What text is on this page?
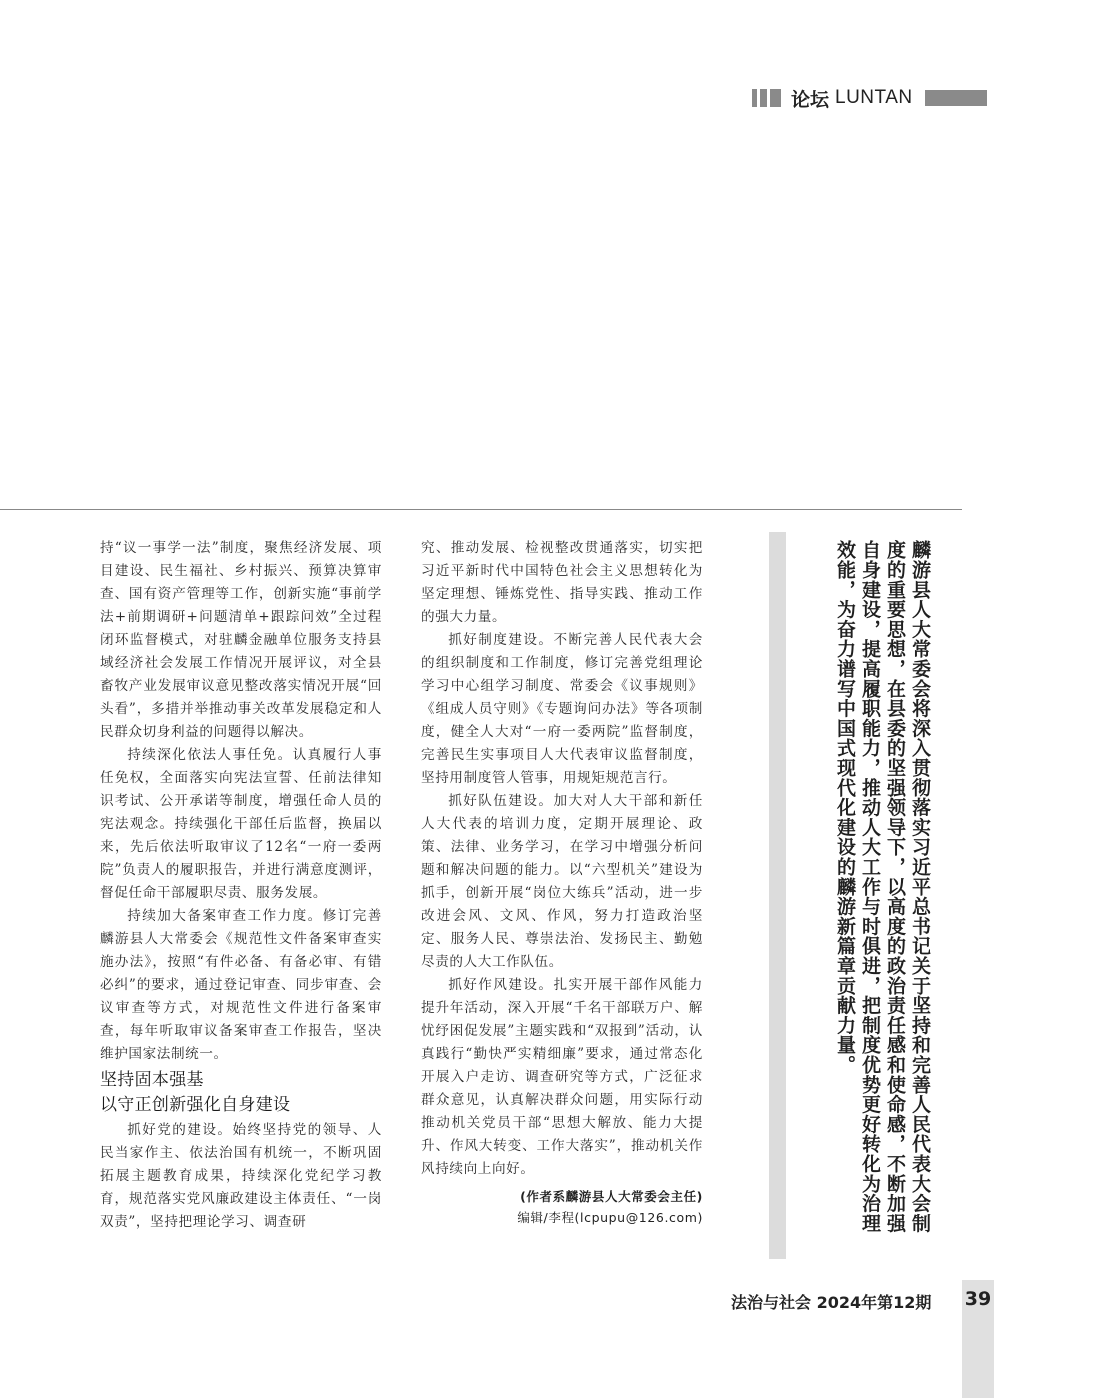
论坛 LUNTAN

持“议一事学一法”制度，聚焦经济发展、项目建设、民生福社、乡村振兴、预算决算审查、国有资产管理等工作，创新实施“事前学法+前期调研+问题清单+跟踪问效”全过程闭环监督模式，对驻麟金融单位服务支持县域经济社会发展工作情况开展评议，对全县畜牧产业发展审议意见整改落实情况开展“回头看”，多措并举推动事关改革发展稳定和人民群众切身利益的问题得以解决。

持续深化依法人事任免。认真履行人事任免权，全面落实向宪法宣誓、任前法律知识考试、公开承诺等制度，增强任命人员的宪法观念。持续强化干部任后监督，换届以来，先后依法听取审议了12名“一府一委两院”负责人的履职报告，并进行满意度测评，督促任命干部履职尽责、服务发展。

持续加大备案审查工作力度。修订完善麟游县人大常委会《规范性文件备案审查实施办法》，按照“有件必备、有备必审、有错必纠”的要求，通过登记审查、同步审查、会议审查等方式，对规范性文件进行备案审查，每年听取审议备案审查工作报告，坚决维护国家法制统一。

坚持固本强基
以守正创新强化自身建设

抓好党的建设。始终坚持党的领导、人民当家作主、依法治国有机统一，不断巩固拓展主题教育成果，持续深化党纪学习教育，规范落实党风廉政建设主体责任、“一岗双责”，坚持把理论学习、调查研

究、推动发展、检视整改贯通落实，切实把习近平新时代中国特色社会主义思想转化为坚定理想、锤炼党性、指导实践、推动工作的强大力量。

抓好制度建设。不断完善人民代表大会的组织制度和工作制度，修订完善党组理论学习中心组学习制度、常委会《议事规则》《组成人员守则》《专题询问办法》等各项制度，健全人大对“一府一委两院”监督制度，完善民生实事项目人大代表审议监督制度，坚持用制度管人管事，用规矩规范言行。

抓好队伍建设。加大对人大干部和新任人大代表的培训力度，定期开展理论、政策、法律、业务学习，在学习中增强分析问题和解决问题的能力。以“六型机关”建设为抓手，创新开展“岗位大练兵”活动，进一步改进会风、文风、作风，努力打造政治坚定、服务人民、尊崇法治、发扬民主、勤勉尽责的人大工作队伍。

抓好作风建设。扎实开展干部作风能力提升年活动，深入开展“千名干部联万户、解忧纾困促发展”主题实践和“双报到”活动，认真践行“勤快严实精细廉”要求，通过常态化开展入户走访、调查研究等方式，广泛征求群众意见，认真解决群众问题，用实际行动推动机关党员干部“思想大解放、能力大提升、作风大转变、工作大落实”，推动机关作风持续向上向好。

(作者系麟游县人大常委会主任)
编辑/李程(lcpupu@126.com)	麟游县人大常委会将深入贯彻落实习近平总书记关于坚持和完善人民代表大会制度的重要思想，在县委的坚强领导下，以高度的政治责任感和使命感，不断加强自身建设，提高履职能力，推动人大工作与时俱进，把制度优势更好转化为治理效能，为奋力谱写中国式现代化建设的麟游新篇章贡献力量。
法治与社会 2024年第12期 39
